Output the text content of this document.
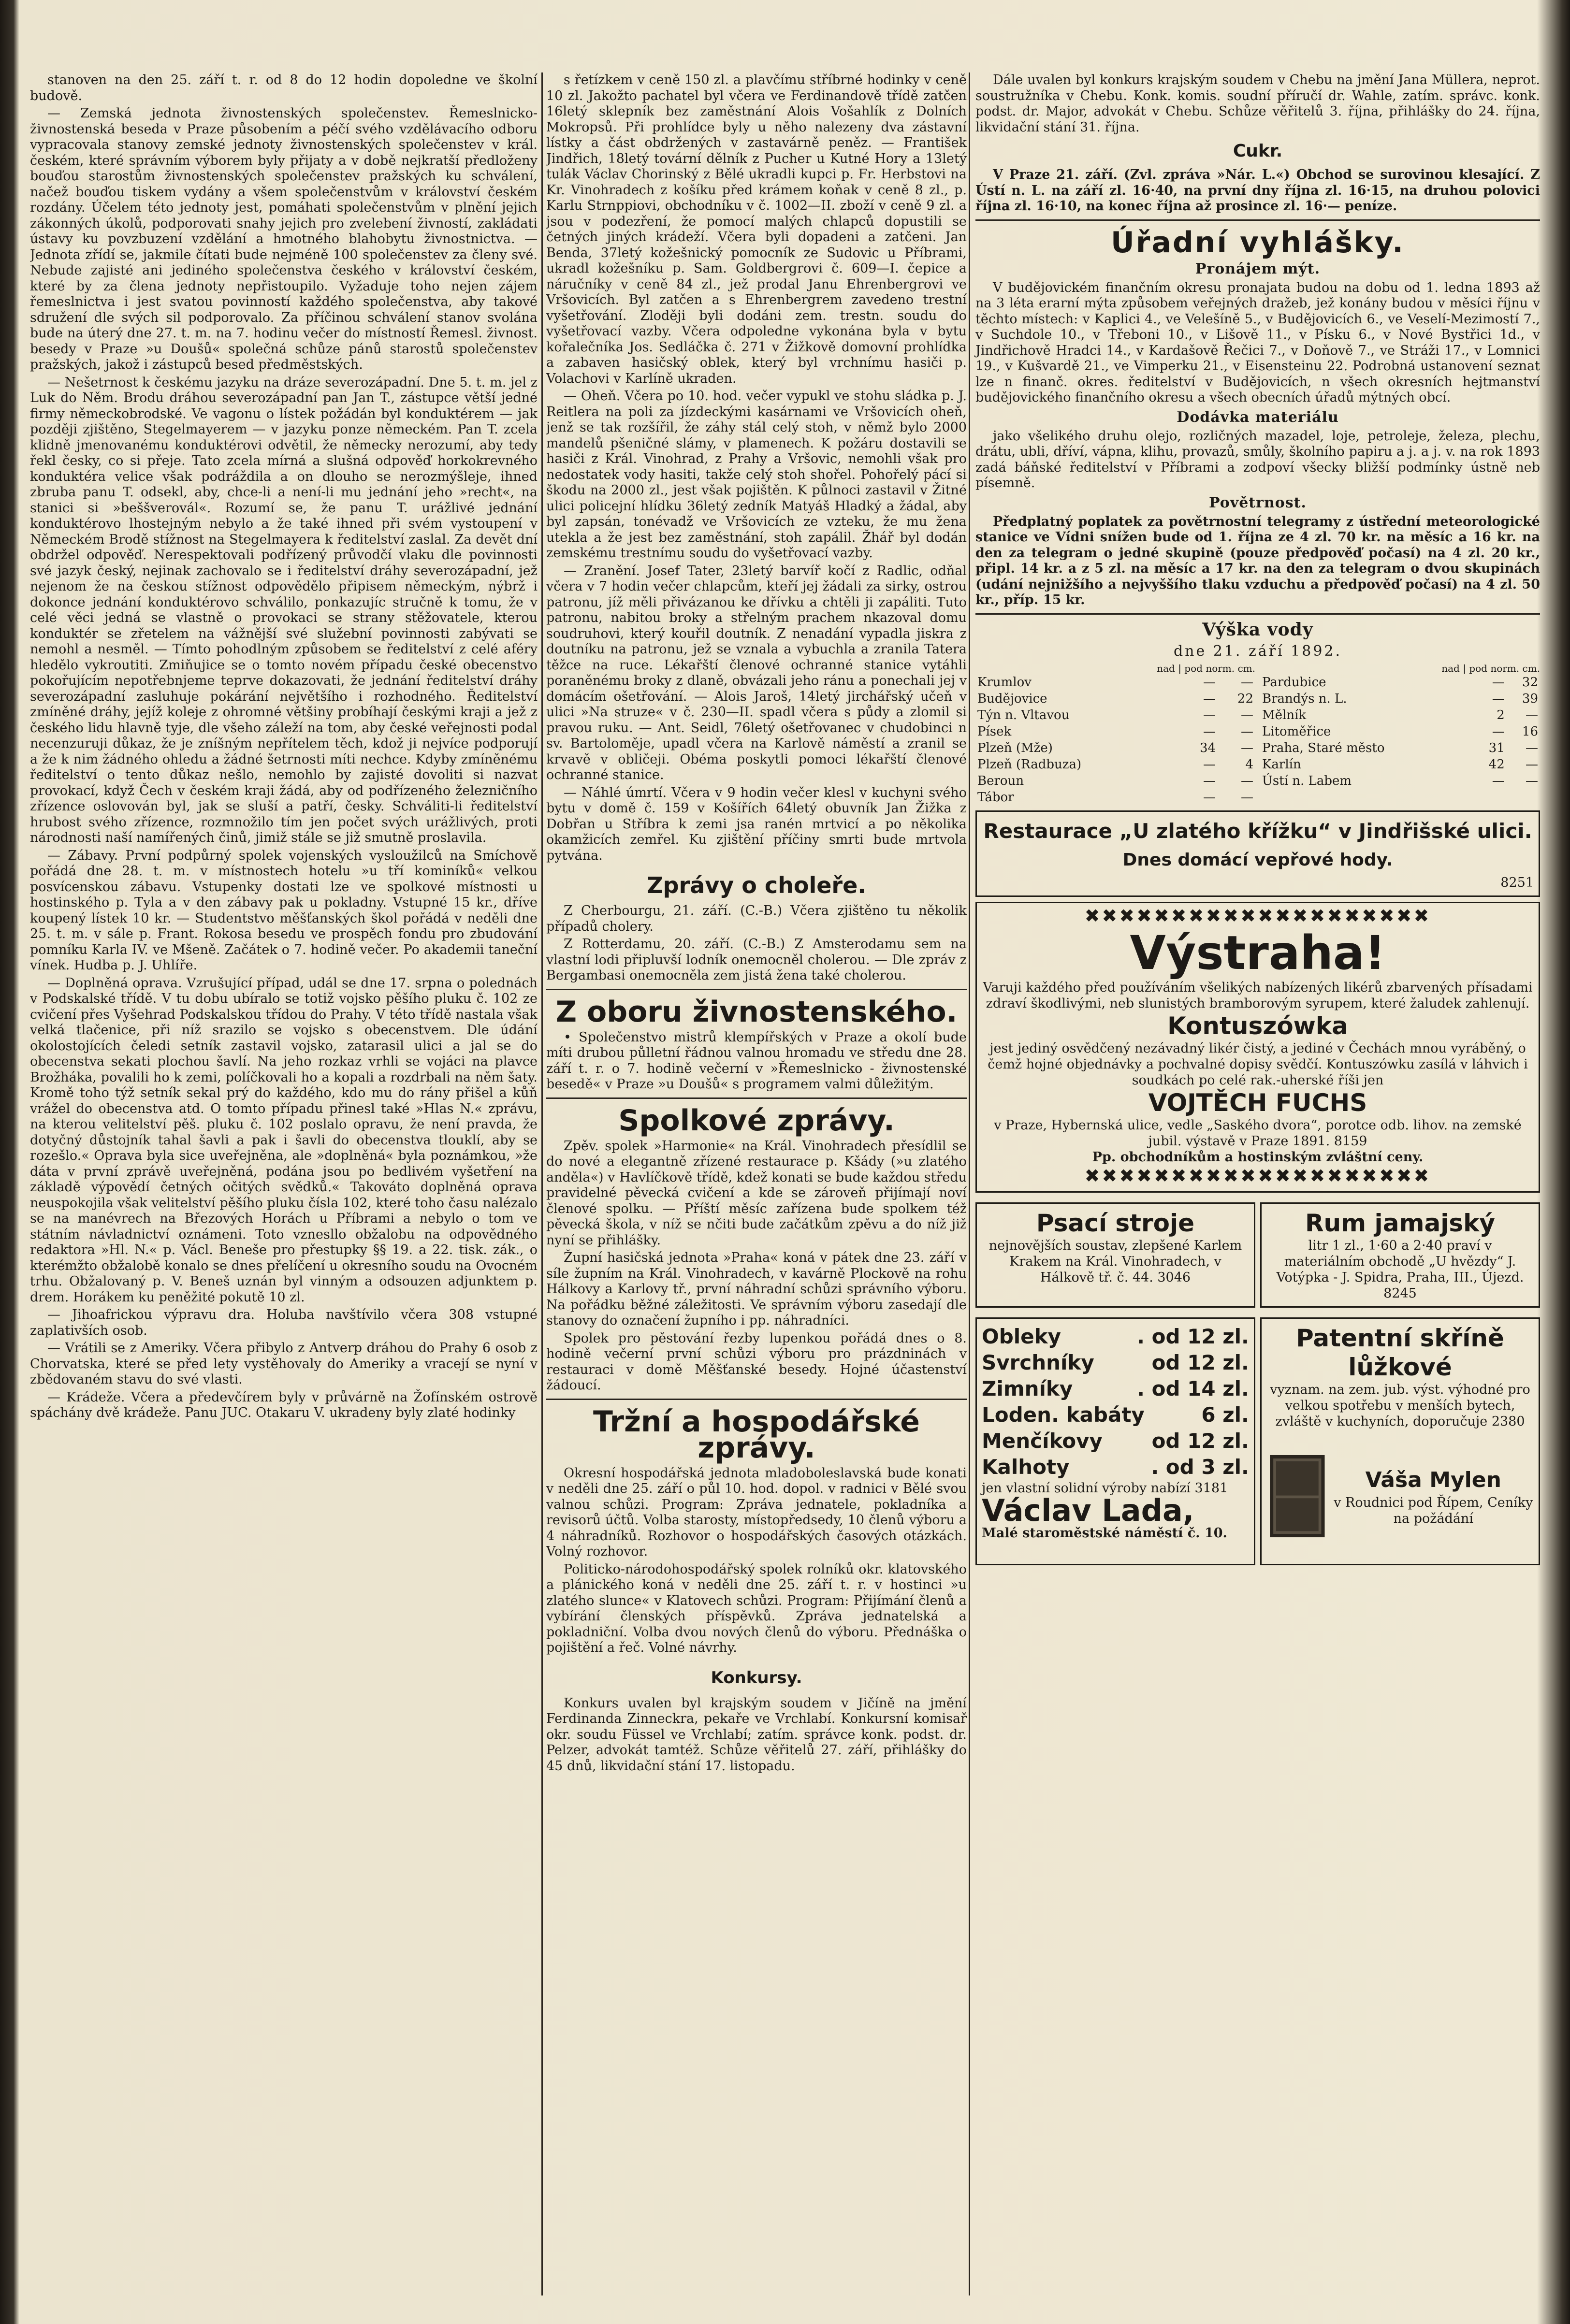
stanoven na den 25. září t. r. od 8 do 12 hodin dopoledne ve školní budově.

— Zemská jednota živnostenských společenstev. Řemeslnicko-živnostenská beseda v Praze působením a péčí svého vzdělávacího odboru vypracovala stanovy zemské jednoty živnostenských společenstev v král. českém, které správním výborem byly přijaty a v době nejkratší předloženy bouďou starostům živnostenských společenstev pražských ku schválení, načež bouďou tiskem vydány a všem společenstvům v království českém rozdány. Účelem této jednoty jest, pomáhati společenstvům v plnění jejich zákonných úkolů, podporovati snahy jejich pro zvelebení živností, zakládati ústavy ku povzbuzení vzdělání a hmotného blahobytu živnostnictva. — Jednota zřídí se, jakmile čítati bude nejméně 100 společenstev za členy své. Nebude zajisté ani jediného společenstva českého v království českém, které by za člena jednoty nepřistoupilo. Vyžaduje toho nejen zájem řemeslnictva i jest svatou povinností každého společenstva, aby takové sdružení dle svých sil podporovalo. Za příčinou schválení stanov svolána bude na úterý dne 27. t. m. na 7. hodinu večer do místností Řemesl. živnost. besedy v Praze »u Doušů« společná schůze pánů starostů společenstev pražských, jakož i zástupců besed předměstských.

— Nešetrnost k českému jazyku na dráze severozápadní. Dne 5. t. m. jel z Luk do Něm. Brodu dráhou severozápadní pan Jan T., zástupce větší jedné firmy německobrodské. Ve vagonu o lístek požádán byl konduktérem — jak později zjištěno, Stegelmayerem — v jazyku ponze německém. Pan T. zcela klidně jmenovanému konduktérovi odvětil, že německy nerozumí, aby tedy řekl česky, co si přeje. Tato zcela mírná a slušná odpověď horkokrevného konduktéra velice však podráždila a on dlouho se nerozmýšleje, ihned zbruba panu T. odsekl, aby, chce-li a není-li mu jednání jeho »recht«, na stanici si »beššverovál«. Rozumí se, že panu T. urážlivé jednání konduktérovo lhostejným nebylo a že také ihned při svém vystoupení v Německém Brodě stížnost na Stegelmayera k ředitelství zaslal. Za devět dní obdržel odpověď. Nerespektovali podřízený průvodčí vlaku dle povinnosti své jazyk český, nejinak zachovalo se i ředitelství dráhy severozápadní, jež nejenom že na českou stížnost odpovědělo připisem německým, nýbrž i dokonce jednání konduktérovo schválilo, ponkazujíc stručně k tomu, že v celé věci jedná se vlastně o provokaci se strany stěžovatele, kterou konduktér se zřetelem na vážnější své služební povinnosti zabývati se nemohl a nesměl. — Tímto pohodlným způsobem se ředitelství z celé aféry hledělo vykroutiti. Zmiňujice se o tomto novém případu české obecenstvo pokořujícím nepotřebnjeme teprve dokazovati, že jednání ředitelství dráhy severozápadní zasluhuje pokárání největšího i rozhodného. Ředitelství zmíněné dráhy, jejíž koleje z ohromné většiny probíhají českými kraji a jež z českého lidu hlavně tyje, dle všeho záleží na tom, aby české veřejnosti podal necenzuruji důkaz, že je zníšným nepřítelem těch, kdož ji nejvíce podporují a že k nim žádného ohledu a žádné šetrnosti míti nechce. Kdyby zmíněnému ředitelství o tento důkaz nešlo, nemohlo by zajisté dovoliti si nazvat provokací, když Čech v českém kraji žádá, aby od podřízeného železničního zřízence oslovován byl, jak se sluší a patří, česky. Schváliti-li ředitelství hrubost svého zřízence, rozmnožilo tím jen počet svých urážlivých, proti národnosti naší namířených činů, jimiž stále se již smutně proslavila.

— Zábavy. První podpůrný spolek vojenských vysloužilců na Smíchově pořádá dne 28. t. m. v místnostech hotelu »u tří kominíků« velkou posvícenskou zábavu. Vstupenky dostati lze ve spolkové místnosti u hostinského p. Tyla a v den zábavy pak u pokladny. Vstupné 15 kr., dříve koupený lístek 10 kr. — Studentstvo měšťanských škol pořádá v neděli dne 25. t. m. v sále p. Frant. Rokosa besedu ve prospěch fondu pro zbudování pomníku Karla IV. ve Mšeně. Začátek o 7. hodině večer. Po akademii taneční vínek. Hudba p. J. Uhlíře.

— Doplněná oprava. Vzrušující případ, udál se dne 17. srpna o polednách v Podskalské třídě. V tu dobu ubíralo se totiž vojsko pěšího pluku č. 102 ze cvičení přes Vyšehrad Podskalskou třídou do Prahy. V této třídě nastala však velká tlačenice, při níž srazilo se vojsko s obecenstvem. Dle údání okolostojících čeledi setník zastavil vojsko, zatarasil ulici a jal se do obecenstva sekati plochou šavlí. Na jeho rozkaz vrhli se vojáci na plavce Brožháka, povalili ho k zemi, políčkovali ho a kopali a rozdrbali na něm šaty. Kromě toho týž setník sekal prý do každého, kdo mu do rány přišel a kůň vrážel do obecenstva atd. O tomto případu přinesl také »Hlas N.« zprávu, na kterou velitelství pěš. pluku č. 102 poslalo opravu, že není pravda, že dotyčný důstojník tahal šavli a pak i šavli do obecenstva tlouklí, aby se rozešlo.« Oprava byla sice uveřejněna, ale »doplněná« byla poznámkou, »že dáta v první zprávě uveřejněná, podána jsou po bedlivém vyšetření na základě výpovědí četných očitých svědků.« Takováto doplněná oprava neuspokojila však velitelství pěšího pluku čísla 102, které toho času nalézalo se na manévrech na Březových Horách u Příbrami a nebylo o tom ve státním návladnictví oznámeni. Toto vznesllo obžalobu na odpovědného redaktora »Hl. N.« p. Václ. Beneše pro přestupky §§ 19. a 22. tisk. zák., o kterémžto obžalobě konalo se dnes přelíčení u okresního soudu na Ovocném trhu. Obžalovaný p. V. Beneš uznán byl vinným a odsouzen adjunktem p. drem. Horákem ku peněžité pokutě 10 zl.

— Jihoafrickou výpravu dra. Holuba navštívilo včera 308 vstupné zaplativších osob.

— Vrátili se z Ameriky. Včera přibylo z Antverp dráhou do Prahy 6 osob z Chorvatska, které se před lety vystěhovaly do Ameriky a vracejí se nyní v zbědovaném stavu do své vlasti.

— Krádeže. Včera a předevčírem byly v průvárně na Žofínském ostrově spáchány dvě krádeže. Panu JUC. Otakaru V. ukradeny byly zlaté hodinky

s řetízkem v ceně 150 zl. a plavčímu stříbrné hodinky v ceně 10 zl. Jakožto pachatel byl včera ve Ferdinandově třídě zatčen 16letý sklepník bez zaměstnání Alois Vošahlík z Dolních Mokropsů. Při prohlídce byly u něho nalezeny dva zástavní lístky a část obdržených v zastavárně peněz. — František Jindřich, 18letý tovární dělník z Pucher u Kutné Hory a 13letý tulák Václav Chorinský z Bělé ukradli kupci p. Fr. Herbstovi na Kr. Vinohradech z košíku před krámem koňak v ceně 8 zl., p. Karlu Strnppiovi, obchodníku v č. 1002—II. zboží v ceně 9 zl. a jsou v podezření, že pomocí malých chlapců dopustili se četných jiných krádeží. Včera byli dopadeni a zatčeni. Jan Benda, 37letý kožešnický pomocník ze Sudovic u Příbrami, ukradl kožešníku p. Sam. Goldbergrovi č. 609—I. čepice a náručníky v ceně 84 zl., jež prodal Janu Ehrenbergrovi ve Vršovicích. Byl zatčen a s Ehrenbergrem zavedeno trestní vyšetřování. Zloději byli dodáni zem. trestn. soudu do vyšetřovací vazby. Včera odpoledne vykonána byla v bytu kořalečníka Jos. Sedláčka č. 271 v Žižkově domovní prohlídka a zabaven hasičský oblek, který byl vrchnímu hasiči p. Volachovi v Karlíně ukraden.

— Oheň. Včera po 10. hod. večer vypukl ve stohu sládka p. J. Reitlera na poli za jízdeckými kasárnami ve Vršovicích oheň, jenž se tak rozšířil, že záhy stál celý stoh, v němž bylo 2000 mandelů pšeničné slámy, v plamenech. K požáru dostavili se hasiči z Král. Vinohrad, z Prahy a Vršovic, nemohli však pro nedostatek vody hasiti, takže celý stoh shořel. Pohořelý pácí si škodu na 2000 zl., jest však pojištěn. K půlnoci zastavil v Žitné ulici policejní hlídku 36letý zedník Matyáš Hladký a žádal, aby byl zapsán, tonévadž ve Vršovicích ze vzteku, že mu žena utekla a že jest bez zaměstnání, stoh zapálil. Žhář byl dodán zemskému trestnímu soudu do vyšetřovací vazby.

— Zranění. Josef Tater, 23letý barvíř kočí z Radlic, odňal včera v 7 hodin večer chlapcům, kteří jej žádali za sirky, ostrou patronu, jíž měli přivázanou ke dřívku a chtěli ji zapáliti. Tuto patronu, nabitou broky a střelným prachem nkazoval domu soudruhovi, který kouřil doutník. Z nenadání vypadla jiskra z doutníku na patronu, jež se vznala a vybuchla a zranila Tatera těžce na ruce. Lékařští členové ochranné stanice vytáhli poraněnému broky z dlaně, obvázali jeho ránu a ponechali jej v domácím ošetřování. — Alois Jaroš, 14letý jirchářský učeň v ulici »Na struze« v č. 230—II. spadl včera s půdy a zlomil si pravou ruku. — Ant. Seidl, 76letý ošetřovanec v chudobinci n sv. Bartoloměje, upadl včera na Karlově náměstí a zranil se krvavě v obličeji. Obéma poskytli pomoci lékařští členové ochranné stanice.

— Náhlé úmrtí. Včera v 9 hodin večer klesl v kuchyni svého bytu v domě č. 159 v Košířích 64letý obuvník Jan Žižka z Dobřan u Stříbra k zemi jsa ranén mrtvicí a po několika okamžicích zemřel. Ku zjištění příčiny smrti bude mrtvola pytvána.

Zprávy o choleře.

Z Cherbourgu, 21. září. (C.-B.) Včera zjištěno tu několik případů cholery.

Z Rotterdamu, 20. září. (C.-B.) Z Amsterodamu sem na vlastní lodi připluvší lodník onemocněl cholerou. — Dle zpráv z Bergambasi onemocněla zem jistá žena také cholerou.

Z oboru živnostenského.

• Společenstvo mistrů klempířských v Praze a okolí bude míti drubou půlletní řádnou valnou hromadu ve středu dne 28. září t. r. o 7. hodině večerní v »Řemeslnicko - živnostenské besedě« v Praze »u Doušů« s programem valmi důležitým.

Spolkové zprávy.

Zpěv. spolek »Harmonie« na Král. Vinohradech přesídlil se do nové a elegantně zřízené restaurace p. Kšády (»u zlatého anděla«) v Havlíčkově třídě, kdež konati se bude každou středu pravidelné pěvecká cvičení a kde se zároveň přijímají noví členové spolku. — Příští měsíc zařízena bude spolkem též pěvecká škola, v níž se nčiti bude začátkům zpěvu a do níž již nyní se přihlášky.

Župní hasičská jednota »Praha« koná v pátek dne 23. září v síle župním na Král. Vinohradech, v kavárně Plockově na rohu Hálkovy a Karlovy tř., první náhradní schůzi správního výboru. Na pořádku běžné záležitosti. Ve správním výboru zasedají dle stanovy do označení župního i pp. náhradníci.

Spolek pro pěstování řezby lupenkou pořádá dnes o 8. hodině večerní první schůzi výboru pro prázdninách v restauraci v domě Měšťanské besedy. Hojné účastenství žádoucí.

Tržní a hospodářské zprávy.

Okresní hospodářská jednota mladoboleslavská bude konati v neděli dne 25. září o půl 10. hod. dopol. v radnici v Bělé svou valnou schůzi. Program: Zpráva jednatele, pokladníka a revisorů účtů. Volba starosty, místopředsedy, 10 členů výboru a 4 náhradníků. Rozhovor o hospodářských časových otázkách. Volný rozhovor.

Politicko-národohospodářský spolek rolníků okr. klatovského a plánického koná v neděli dne 25. září t. r. v hostinci »u zlatého slunce« v Klatovech schůzi. Program: Přijímání členů a vybírání členských příspěvků. Zpráva jednatelská a pokladniční. Volba dvou nových členů do výboru. Přednáška o pojištění a řeč. Volné návrhy.

Konkursy.

Konkurs uvalen byl krajským soudem v Jičíně na jmění Ferdinanda Zinneckra, pekaře ve Vrchlabí. Konkursní komisař okr. soudu Füssel ve Vrchlabí; zatím. správce konk. podst. dr. Pelzer, advokát tamtéž. Schůze věřitelů 27. září, přihlášky do 45 dnů, likvidační stání 17. listopadu.

Dále uvalen byl konkurs krajským soudem v Chebu na jmění Jana Müllera, neprot. soustružníka v Chebu. Konk. komis. soudní příručí dr. Wahle, zatím. správc. konk. podst. dr. Major, advokát v Chebu. Schůze věřitelů 3. října, přihlášky do 24. října, likvidační stání 31. října.

Cukr.

V Praze 21. září. (Zvl. zpráva »Nár. L.«) Obchod se surovinou klesající. Z Ústí n. L. na září zl. 16·40, na první dny října zl. 16·15, na druhou polovici října zl. 16·10, na konec října až prosince zl. 16·— peníze.

Úřadní vyhlášky.
Pronájem mýt.

V budějovickém finančním okresu pronajata budou na dobu od 1. ledna 1893 až na 3 léta erarní mýta způsobem veřejných dražeb, jež konány budou v měsíci říjnu v těchto místech: v Kaplici 4., ve Velešíně 5., v Budějovicích 6., ve Veselí-Mezimostí 7., v Suchdole 10., v Třeboni 10., v Lišově 11., v Písku 6., v Nové Bystřici 1d., v Jindřichově Hradci 14., v Kardašově Řečici 7., v Doňově 7., ve Stráži 17., v Lomnici 19., v Kušvardě 21., ve Vimperku 21., v Eisensteinu 22. Podrobná ustanovení seznat lze n finanč. okres. ředitelství v Budějovicích, n všech okresních hejtmanství budějovického finančního okresu a všech obecních úřadů mýtných obcí.

Dodávka materiálu

jako všelikého druhu olejo, rozličných mazadel, loje, petroleje, železa, plechu, drátu, ubli, dříví, vápna, klihu, provazů, smůly, školního papiru a j. a j. v. na rok 1893 zadá báňské ředitelství v Příbrami a zodpoví všecky bližší podmínky ústně neb písemně.

Povětrnost.

Předplatný poplatek za povětrnostní telegramy z ústřední meteorologické stanice ve Vídni snížen bude od 1. října ze 4 zl. 70 kr. na měsíc a 16 kr. na den za telegram o jedné skupině (pouze předpověď počasí) na 4 zl. 20 kr., připl. 14 kr. a z 5 zl. na měsíc a 17 kr. na den za telegram o dvou skupinách (udání nejnižšího a nejvyššího tlaku vzduchu a předpověď počasí) na 4 zl. 50 kr., příp. 15 kr.

Výška vody
dne 21. září 1892.
nad | pod norm. cm.
Krumlov	—	—
Budějovice	—	22
Týn n. Vltavou	—	—
Písek	—	—
Plzeň (Mže)	34	—
Plzeň (Radbuza)	—	4
Beroun	—	—
Tábor	—	—
nad | pod norm. cm.
Pardubice	—	32
Brandýs n. L.	—	39
Mělník	2	—
Litoměřice	—	16
Praha, Staré město	31	—
Karlín	42	—
Ústí n. Labem	—	—
Restaurace „U zlatého křížku“ v Jindřišské ulici.
Dnes domácí vepřové hody.
8251
✖✖✖✖✖✖✖✖✖✖✖✖✖✖✖✖✖✖✖✖
Výstraha!
Varuji každého před používáním všelikých nabízených likérů zbarvených přísadami zdraví škodlivými, neb slunistých bramborovým syrupem, které žaludek zahlenují.
Kontuszówka
jest jediný osvědčený nezávadný likér čistý, a jediné v Čechách mnou vyráběný, o čemž hojné objednávky a pochvalné dopisy svědčí. Kontuszówku zasílá v láhvich i soudkách po celé rak.-uherské říši jen
VOJTĚCH FUCHS
v Praze, Hybernská ulice, vedle „Saského dvora“, porotce odb. lihov. na zemské jubil. výstavě v Praze 1891. 8159
Pp. obchodníkům a hostinským zvláštní ceny.
✖✖✖✖✖✖✖✖✖✖✖✖✖✖✖✖✖✖✖✖
Psací stroje
nejnovějších soustav, zlepšené Karlem Krakem na Král. Vinohradech, v Hálkově tř. č. 44. 3046
Rum jamajský
litr 1 zl., 1·60 a 2·40 praví v materiálním obchodě „U hvězdy“ J. Votýpka - J. Spidra, Praha, III., Újezd. 8245
Obleky	. od 12 zl.
Svrchníky	od 12 zl.
Zimníky	. od 14 zl.
Loden. kabáty	6 zl.
Menčíkovy od 12 zl.
Kalhoty	. od 3 zl.
jen vlastní solidní výroby nabízí 3181
Václav Lada,
Malé staroměstské náměstí č. 10.
Patentní skříně lůžkové
vyznam. na zem. jub. výst. výhodné pro velkou spotřebu v menších bytech, zvláště v kuchyních, doporučuje 2380
Váša Mylen
v Roudnici pod Řípem, Ceníky na požádání
